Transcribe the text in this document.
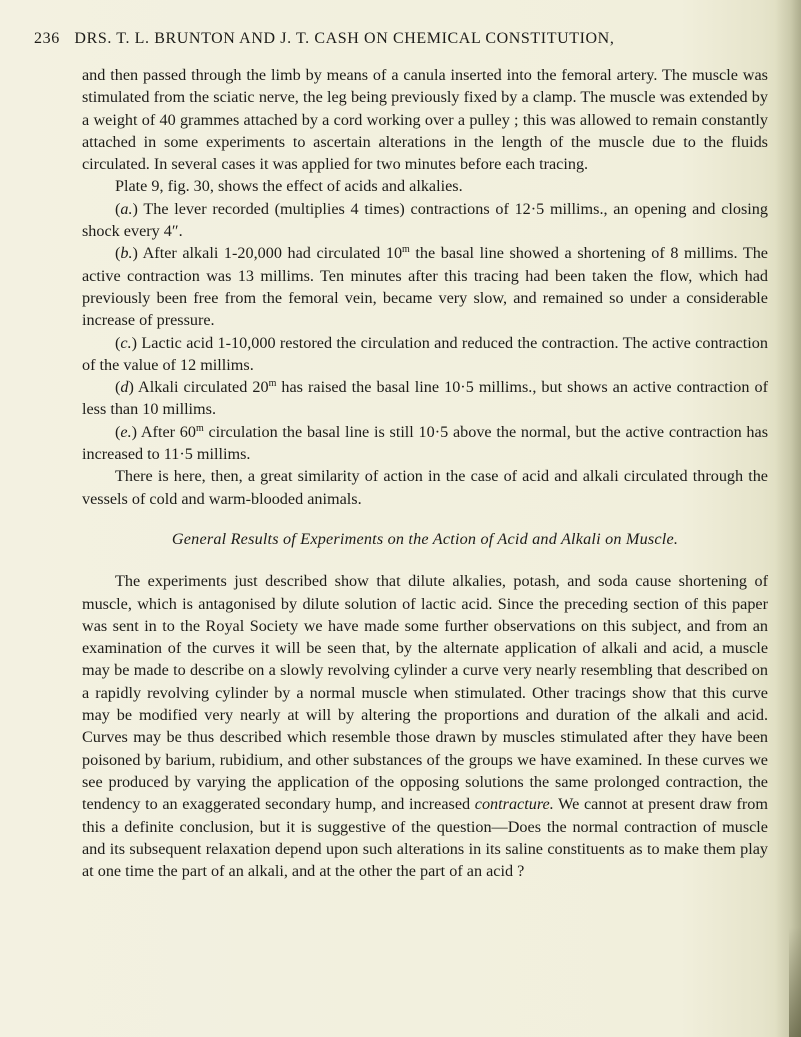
236 DRS. T. L. BRUNTON AND J. T. CASH ON CHEMICAL CONSTITUTION,

and then passed through the limb by means of a canula inserted into the femoral artery. The muscle was stimulated from the sciatic nerve, the leg being previously fixed by a clamp. The muscle was extended by a weight of 40 grammes attached by a cord working over a pulley ; this was allowed to remain constantly attached in some experiments to ascertain alterations in the length of the muscle due to the fluids circulated. In several cases it was applied for two minutes before each tracing.

Plate 9, fig. 30, shows the effect of acids and alkalies.

(a.) The lever recorded (multiplies 4 times) contractions of 12·5 millims., an opening and closing shock every 4″.

(b.) After alkali 1-20,000 had circulated 10$^m$ the basal line showed a shortening of 8 millims. The active contraction was 13 millims. Ten minutes after this tracing had been taken the flow, which had previously been free from the femoral vein, became very slow, and remained so under a considerable increase of pressure.

(c.) Lactic acid 1-10,000 restored the circulation and reduced the contraction. The active contraction of the value of 12 millims.

(d) Alkali circulated 20$^m$ has raised the basal line 10·5 millims., but shows an active contraction of less than 10 millims.

(e.) After 60$^m$ circulation the basal line is still 10·5 above the normal, but the active contraction has increased to 11·5 millims.

There is here, then, a great similarity of action in the case of acid and alkali circulated through the vessels of cold and warm-blooded animals.

General Results of Experiments on the Action of Acid and Alkali on Muscle.

The experiments just described show that dilute alkalies, potash, and soda cause shortening of muscle, which is antagonised by dilute solution of lactic acid. Since the preceding section of this paper was sent in to the Royal Society we have made some further observations on this subject, and from an examination of the curves it will be seen that, by the alternate application of alkali and acid, a muscle may be made to describe on a slowly revolving cylinder a curve very nearly resembling that described on a rapidly revolving cylinder by a normal muscle when stimulated. Other tracings show that this curve may be modified very nearly at will by altering the proportions and duration of the alkali and acid. Curves may be thus described which resemble those drawn by muscles stimulated after they have been poisoned by barium, rubidium, and other substances of the groups we have examined. In these curves we see produced by varying the application of the opposing solutions the same prolonged contraction, the tendency to an exaggerated secondary hump, and increased contracture. We cannot at present draw from this a definite conclusion, but it is suggestive of the question—Does the normal contraction of muscle and its subsequent relaxation depend upon such alterations in its saline constituents as to make them play at one time the part of an alkali, and at the other the part of an acid ?
